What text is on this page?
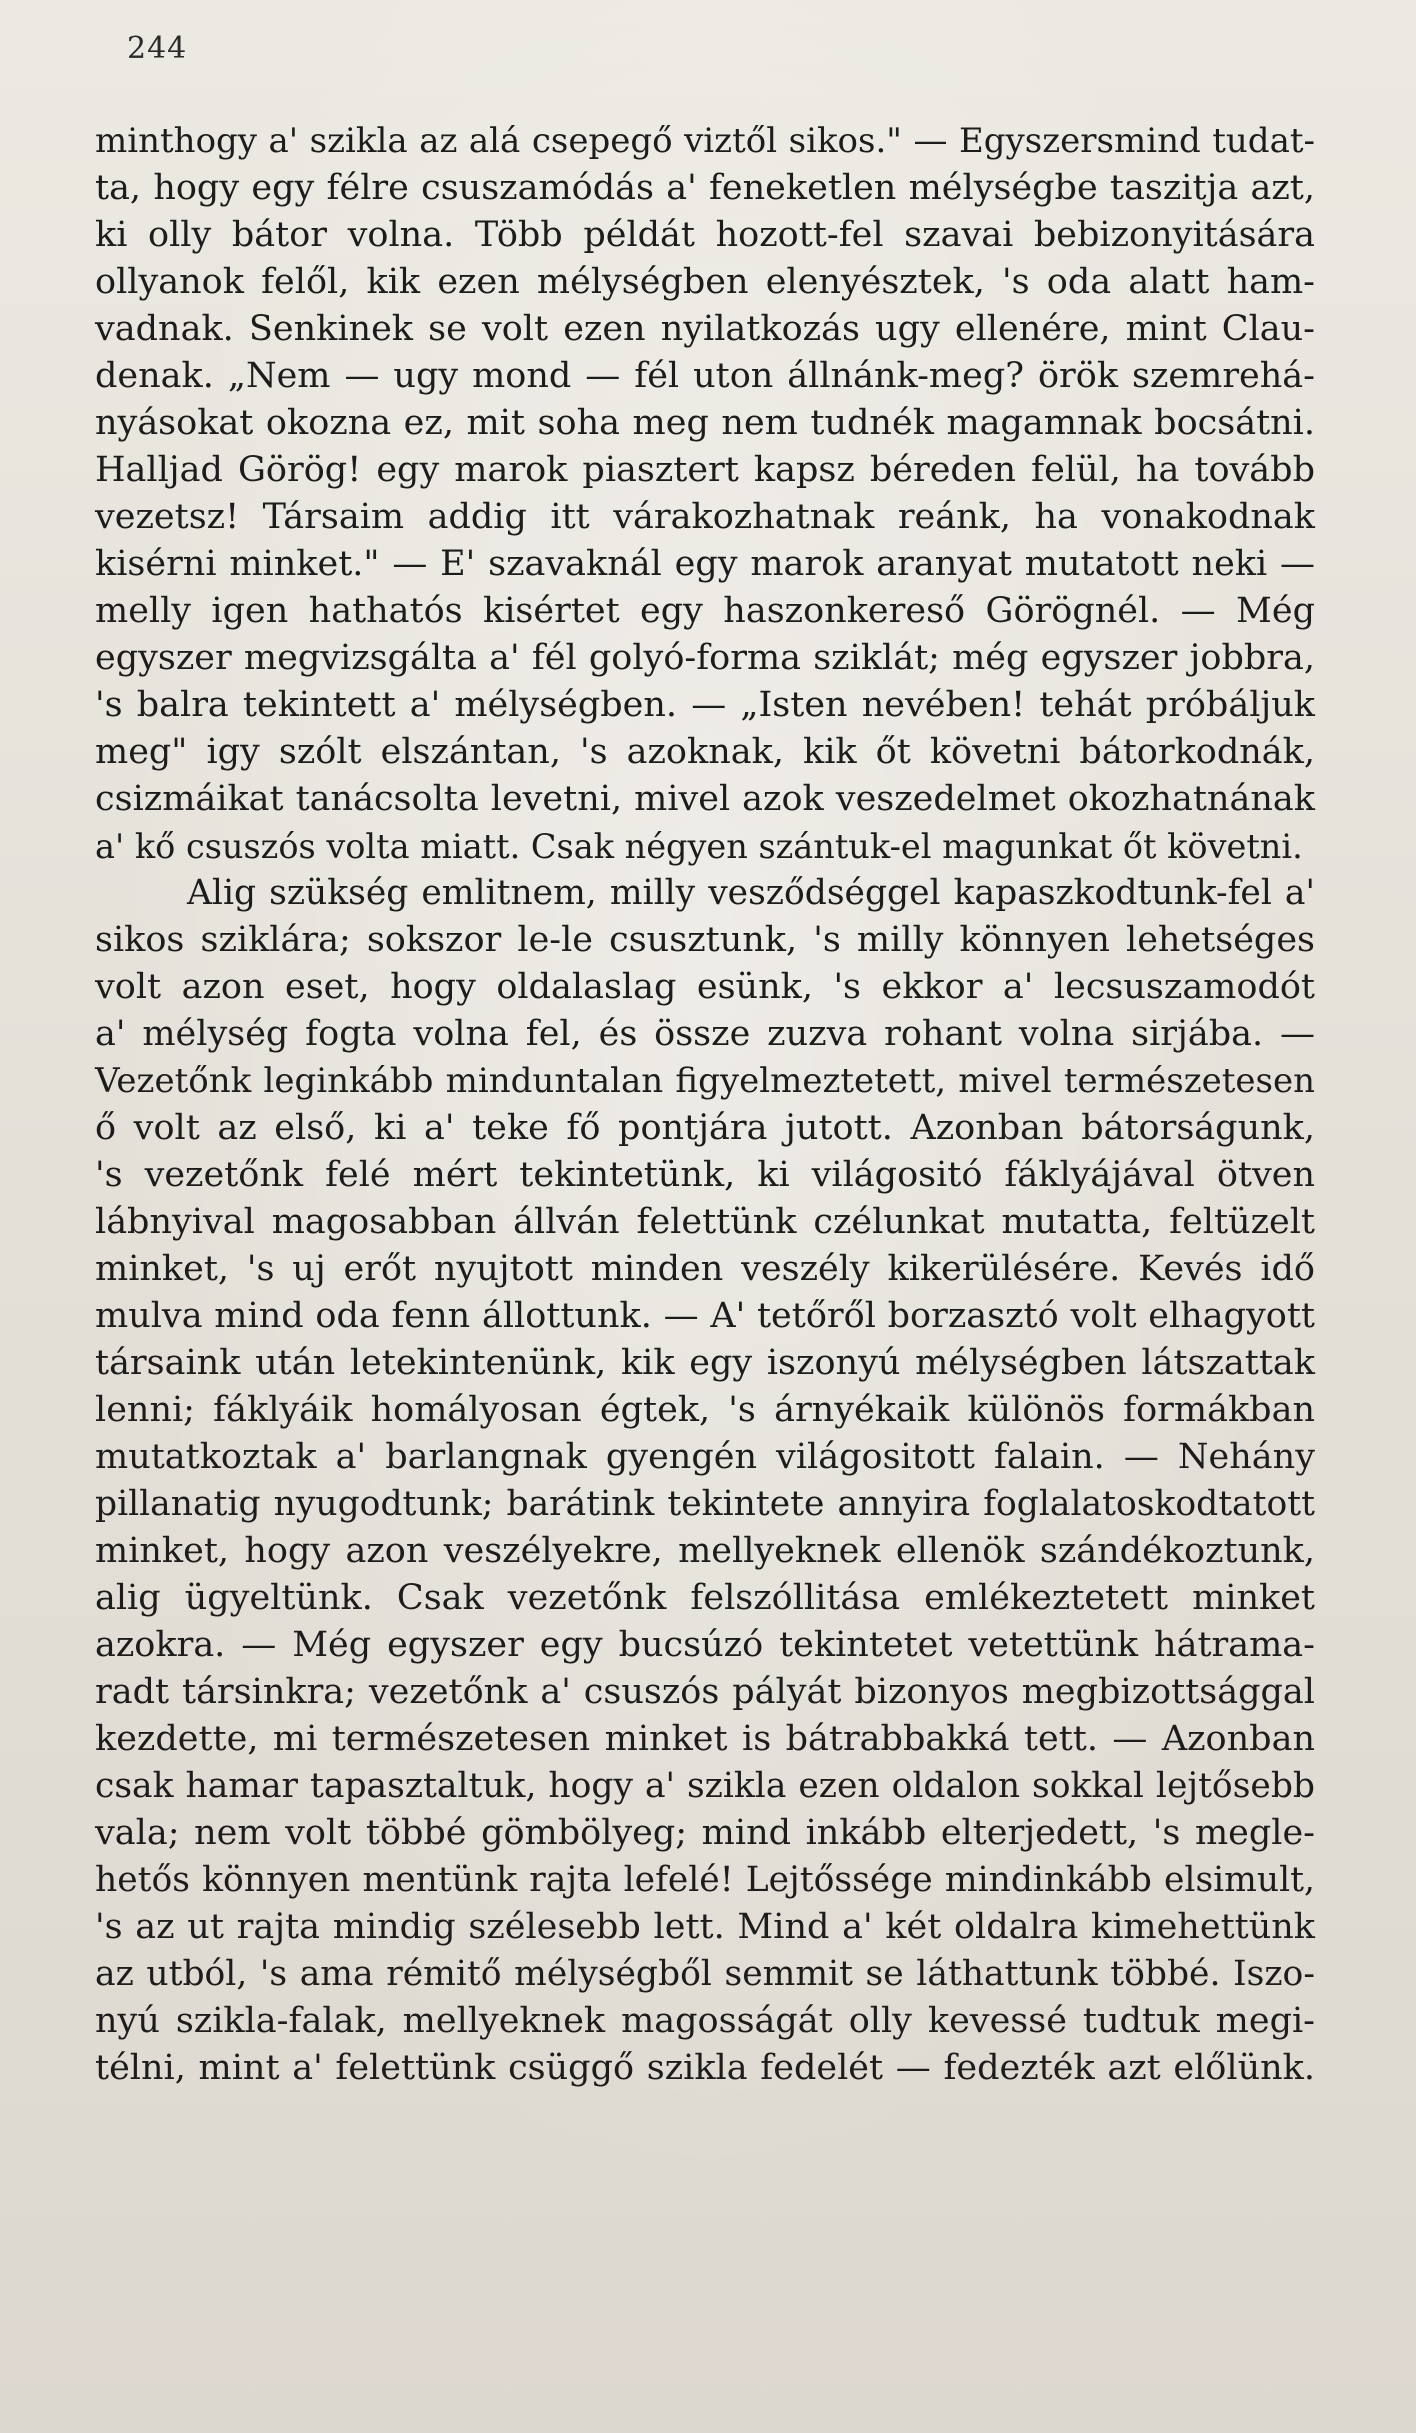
244
minthogy a' szikla az alá csepegő viztől sikos." — Egyszersmind tudat-
ta, hogy egy félre csuszamódás a' feneketlen mélységbe taszitja azt,
ki olly bátor volna. Több példát hozott-fel szavai bebizonyitására
ollyanok felől, kik ezen mélységben elenyésztek, 's oda alatt ham-
vadnak. Senkinek se volt ezen nyilatkozás ugy ellenére, mint Clau-
denak. „Nem — ugy mond — fél uton állnánk-meg? örök szemrehá-
nyásokat okozna ez, mit soha meg nem tudnék magamnak bocsátni.
Halljad Görög! egy marok piasztert kapsz béreden felül, ha tovább
vezetsz! Társaim addig itt várakozhatnak reánk, ha vonakodnak
kisérni minket." — E' szavaknál egy marok aranyat mutatott neki —
melly igen hathatós kisértet egy haszonkereső Görögnél. — Még
egyszer megvizsgálta a' fél golyó-forma sziklát; még egyszer jobbra,
's balra tekintett a' mélységben. — „Isten nevében! tehát próbáljuk
meg" igy szólt elszántan, 's azoknak, kik őt követni bátorkodnák,
csizmáikat tanácsolta levetni, mivel azok veszedelmet okozhatnának
a' kő csuszós volta miatt. Csak négyen szántuk-el magunkat őt követni.
Alig szükség emlitnem, milly vesződséggel kapaszkodtunk-fel a'
sikos sziklára; sokszor le-le csusztunk, 's milly könnyen lehetséges
volt azon eset, hogy oldalaslag esünk, 's ekkor a' lecsuszamodót
a' mélység fogta volna fel, és össze zuzva rohant volna sirjába. —
Vezetőnk leginkább minduntalan figyelmeztetett, mivel természetesen
ő volt az első, ki a' teke fő pontjára jutott. Azonban bátorságunk,
's vezetőnk felé mért tekintetünk, ki világositó fáklyájával ötven
lábnyival magosabban állván felettünk czélunkat mutatta, feltüzelt
minket, 's uj erőt nyujtott minden veszély kikerülésére. Kevés idő
mulva mind oda fenn állottunk. — A' tetőről borzasztó volt elhagyott
társaink után letekintenünk, kik egy iszonyú mélységben látszattak
lenni; fáklyáik homályosan égtek, 's árnyékaik különös formákban
mutatkoztak a' barlangnak gyengén világositott falain. — Nehány
pillanatig nyugodtunk; barátink tekintete annyira foglalatoskodtatott
minket, hogy azon veszélyekre, mellyeknek ellenök szándékoztunk,
alig ügyeltünk. Csak vezetőnk felszóllitása emlékeztetett minket
azokra. — Még egyszer egy bucsúzó tekintetet vetettünk hátrama-
radt társinkra; vezetőnk a' csuszós pályát bizonyos megbizottsággal
kezdette, mi természetesen minket is bátrabbakká tett. — Azonban
csak hamar tapasztaltuk, hogy a' szikla ezen oldalon sokkal lejtősebb
vala; nem volt többé gömbölyeg; mind inkább elterjedett, 's megle-
hetős könnyen mentünk rajta lefelé! Lejtőssége mindinkább elsimult,
's az ut rajta mindig szélesebb lett. Mind a' két oldalra kimehettünk
az utból, 's ama rémitő mélységből semmit se láthattunk többé. Iszo-
nyú szikla-falak, mellyeknek magosságát olly kevessé tudtuk megi-
télni, mint a' felettünk csüggő szikla fedelét — fedezték azt előlünk.
